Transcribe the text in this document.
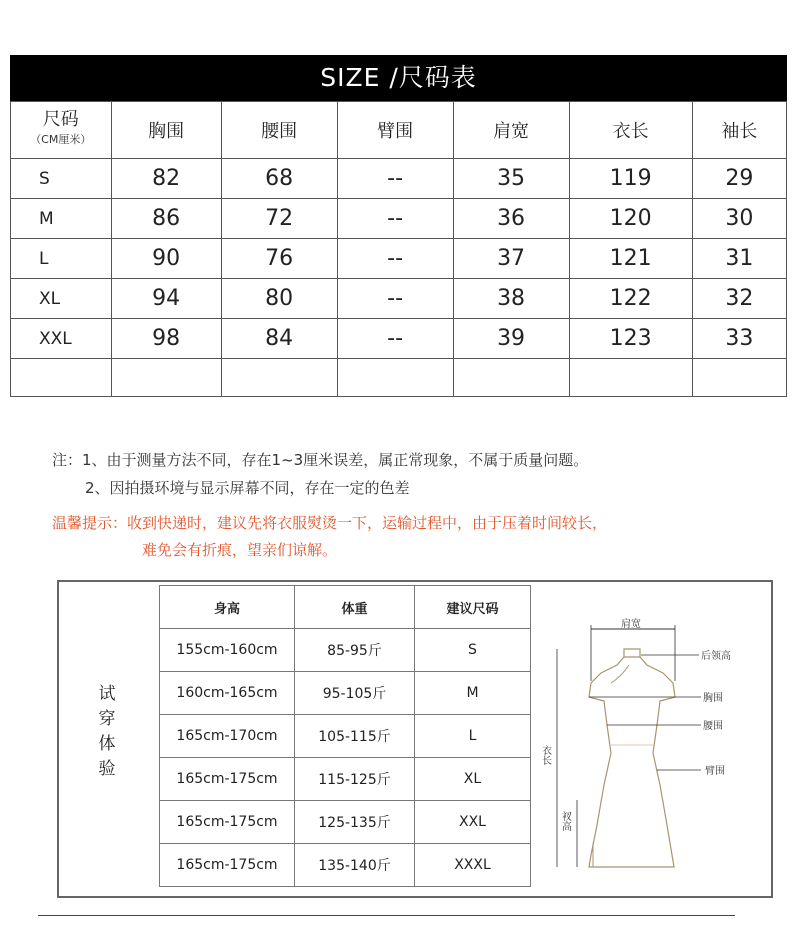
SIZE ∕尺码表
尺码
（CM厘米）	胸围	腰围	臂围	肩宽	衣长	袖长
S	82	68	--	35	119	29
M	86	72	--	36	120	30
L	90	76	--	37	121	31
XL	94	80	--	38	122	32
XXL	98	84	--	39	123	33

注：1、由于测量方法不同，存在1~3厘米误差，属正常现象，不属于质量问题。
2、因拍摄环境与显示屏幕不同，存在一定的色差
温馨提示：收到快递时，建议先将衣服熨烫一下，运输过程中，由于压着时间较长，
难免会有折痕，望亲们谅解。
试穿体验
身高	体重	建议尺码
155cm-160cm	85-95斤	S
160cm-165cm	95-105斤	M
165cm-170cm	105-115斤	L
165cm-175cm	115-125斤	XL
165cm-175cm	125-135斤	XXL
165cm-175cm	135-140斤	XXXL
肩宽
后领高
胸围
腰围
臂围
衣长
衩高
